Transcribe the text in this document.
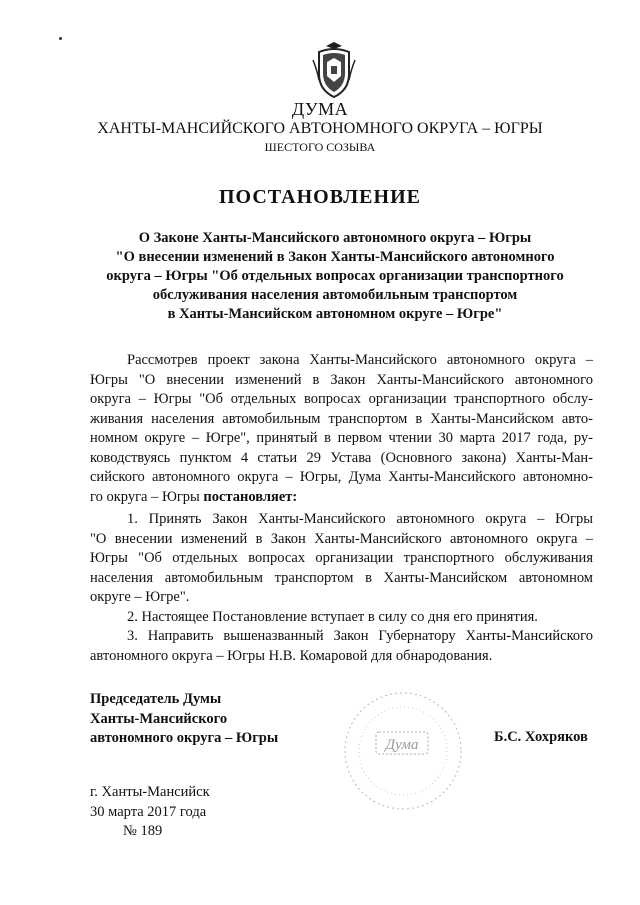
ДУМА
ХАНТЫ-МАНСИЙСКОГО АВТОНОМНОГО ОКРУГА – ЮГРЫ
ШЕСТОГО СОЗЫВА
ПОСТАНОВЛЕНИЕ
О Законе Ханты-Мансийского автономного округа – Югры
"О внесении изменений в Закон Ханты-Мансийского автономного
округа – Югры "Об отдельных вопросах организации транспортного
обслуживания населения автомобильным транспортом
в Ханты-Мансийском автономном округе – Югре"
Рассмотрев проект закона Ханты-Мансийского автономного округа –
Югры "О внесении изменений в Закон Ханты-Мансийского автономного
округа – Югры "Об отдельных вопросах организации транспортного обслу-
живания населения автомобильным транспортом в Ханты-Мансийском авто-
номном округе – Югре", принятый в первом чтении 30 марта 2017 года, ру-
ководствуясь пунктом 4 статьи 29 Устава (Основного закона) Ханты-Ман-
сийского автономного округа – Югры, Дума Ханты-Мансийского автономно-
го округа – Югры постановляет:
1. Принять Закон Ханты-Мансийского автономного округа – Югры
"О внесении изменений в Закон Ханты-Мансийского автономного округа –
Югры "Об отдельных вопросах организации транспортного обслуживания
населения автомобильным транспортом в Ханты-Мансийском автономном
округе – Югре".
2. Настоящее Постановление вступает в силу со дня его принятия.
3. Направить вышеназванный Закон Губернатору Ханты-Мансийского
автономного округа – Югры Н.В. Комаровой для обнародования.
Дума
Председатель Думы
Ханты-Мансийского
автономного округа – Югры	Б.С. Хохряков
г. Ханты-Мансийск
30 марта 2017 года
№ 189
